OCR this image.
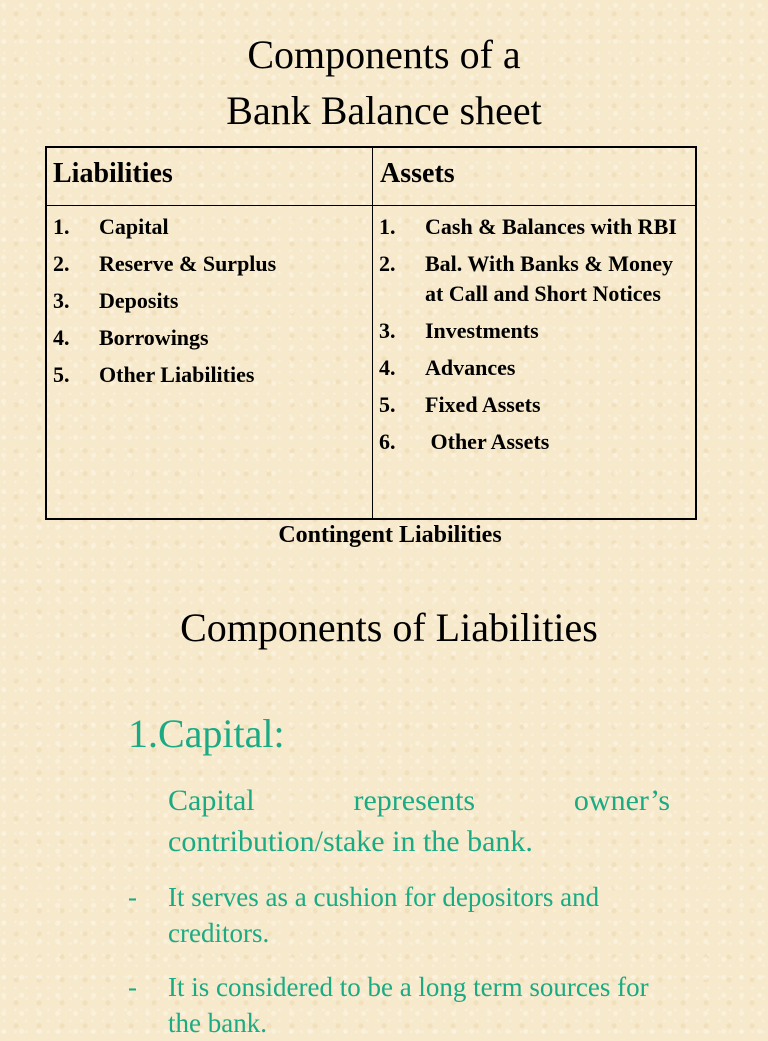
Components of a
Bank Balance sheet
Liabilities	Assets
1. Capital
2. Reserve & Surplus
3. Deposits
4. Borrowings
5. Other Liabilities
1. Cash & Balances with RBI
2. Bal. With Banks & Money at Call and Short Notices
3. Investments
4. Advances
5. Fixed Assets
6. Other Assets
Contingent Liabilities
Components of Liabilities
1.Capital:
Capital represents owner’s contribution/stake in the bank.
- It serves as a cushion for depositors and creditors.
- It is considered to be a long term sources for the bank.
